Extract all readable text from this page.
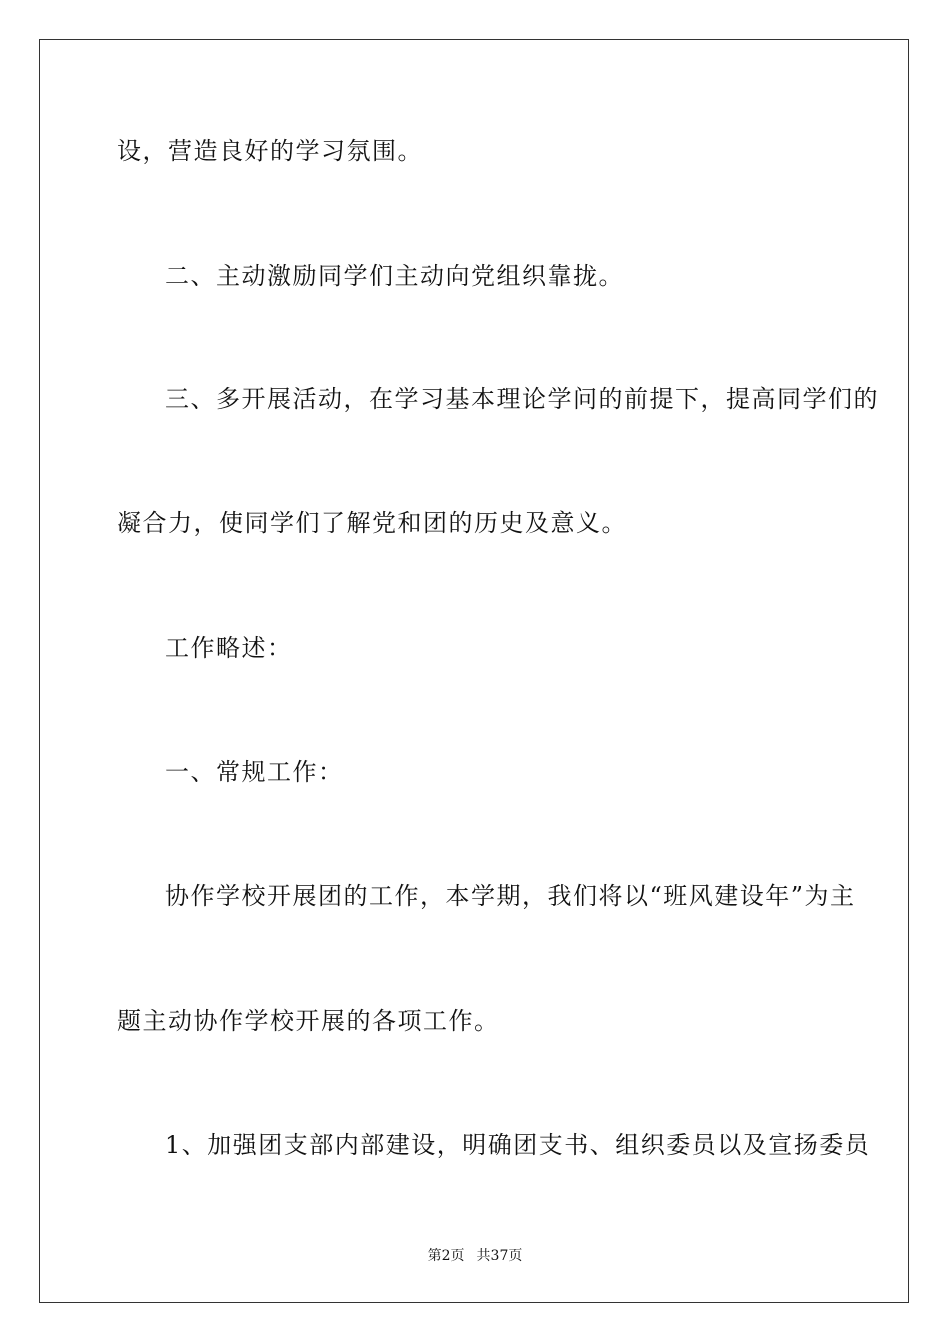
设，营造良好的学习氛围。
二、主动激励同学们主动向党组织靠拢。
三、多开展活动，在学习基本理论学问的前提下，提高同学们的
凝合力，使同学们了解党和团的历史及意义。
工作略述：
一、常规工作：
协作学校开展团的工作，本学期，我们将以“班风建设年”为主
题主动协作学校开展的各项工作。
1、加强团支部内部建设，明确团支书、组织委员以及宣扬委员
第2页 共37页
